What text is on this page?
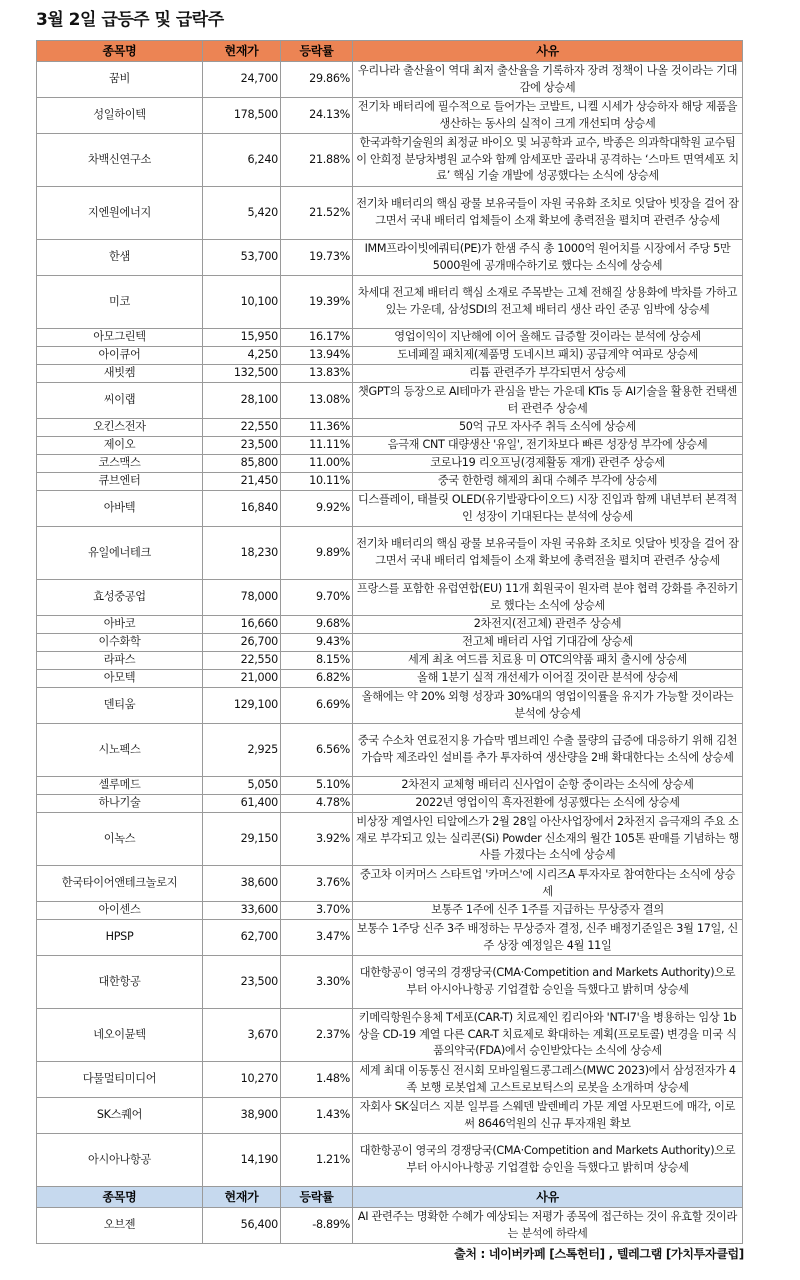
3월 2일 급등주 및 급락주
종목명	현재가	등락률	사유
꿈비	24,700	29.86%	우리나라 출산율이 역대 최저 출산율을 기록하자 장려 정책이 나올 것이라는 기대감에 상승세
성일하이텍	178,500	24.13%	전기차 배터리에 필수적으로 들어가는 코발트, 니켈 시세가 상승하자 해당 제품을 생산하는 동사의 실적이 크게 개선되며 상승세
차백신연구소	6,240	21.88%	한국과학기술원의 최정균 바이오 및 뇌공학과 교수, 박종은 의과학대학원 교수팀이 안희정 분당차병원 교수와 함께 암세포만 골라내 공격하는 ‘스마트 면역세포 치료’ 핵심 기술 개발에 성공했다는 소식에 상승세
지엔원에너지	5,420	21.52%	전기차 배터리의 핵심 광물 보유국들이 자원 국유화 조치로 잇달아 빗장을 걸어 잠그면서 국내 배터리 업체들이 소재 확보에 총력전을 펼치며 관련주 상승세
한샘	53,700	19.73%	IMM프라이빗에쿼티(PE)가 한샘 주식 총 1000억 원어치를 시장에서 주당 5만 5000원에 공개매수하기로 했다는 소식에 상승세
미코	10,100	19.39%	차세대 전고체 배터리 핵심 소재로 주목받는 고체 전해질 상용화에 박차를 가하고 있는 가운데, 삼성SDI의 전고체 배터리 생산 라인 준공 임박에 상승세
아모그린텍	15,950	16.17%	영업이익이 지난해에 이어 올해도 급증할 것이라는 분석에 상승세
아이큐어	4,250	13.94%	도네페질 패치제(제품명 도네시브 패치) 공급계약 여파로 상승세
새빗켐	132,500	13.83%	리튬 관련주가 부각되면서 상승세
씨이랩	28,100	13.08%	챗GPT의 등장으로 AI테마가 관심을 받는 가운데 KTis 등 AI기술을 활용한 컨택센터 관련주 상승세
오킨스전자	22,550	11.36%	50억 규모 자사주 취득 소식에 상승세
제이오	23,500	11.11%	음극재 CNT 대량생산 '유일', 전기차보다 빠른 성장성 부각에 상승세
코스맥스	85,800	11.00%	코로나19 리오프닝(경제활동 재개) 관련주 상승세
큐브엔터	21,450	10.11%	중국 한한령 해제의 최대 수혜주 부각에 상승세
아바텍	16,840	9.92%	디스플레이, 태블릿 OLED(유기발광다이오드) 시장 진입과 함께 내년부터 본격적인 성장이 기대된다는 분석에 상승세
유일에너테크	18,230	9.89%	전기차 배터리의 핵심 광물 보유국들이 자원 국유화 조치로 잇달아 빗장을 걸어 잠그면서 국내 배터리 업체들이 소재 확보에 총력전을 펼치며 관련주 상승세
효성중공업	78,000	9.70%	프랑스를 포함한 유럽연합(EU) 11개 회원국이 원자력 분야 협력 강화를 추진하기로 했다는 소식에 상승세
아바코	16,660	9.68%	2차전지(전고체) 관련주 상승세
이수화학	26,700	9.43%	전고체 배터리 사업 기대감에 상승세
라파스	22,550	8.15%	세계 최초 여드름 치료용 미 OTC의약품 패치 출시에 상승세
아모텍	21,000	6.82%	올해 1분기 실적 개선세가 이어질 것이란 분석에 상승세
덴티움	129,100	6.69%	올해에는 약 20% 외형 성장과 30%대의 영업이익률을 유지가 가능할 것이라는 분석에 상승세
시노펙스	2,925	6.56%	중국 수소차 연료전지용 가습막 멤브레인 수출 물량의 급증에 대응하기 위해 김천 가습막 제조라인 설비를 추가 투자하여 생산량을 2배 확대한다는 소식에 상승세
셀루메드	5,050	5.10%	2차전지 교체형 배터리 신사업이 순항 중이라는 소식에 상승세
하나기술	61,400	4.78%	2022년 영업이익 흑자전환에 성공했다는 소식에 상승세
이녹스	29,150	3.92%	비상장 계열사인 티알에스가 2월 28일 아산사업장에서 2차전지 음극재의 주요 소재로 부각되고 있는 실리콘(Si) Powder 신소재의 월간 105톤 판매를 기념하는 행사를 가졌다는 소식에 상승세
한국타이어앤테크놀로지	38,600	3.76%	중고차 이커머스 스타트업 '카머스'에 시리즈A 투자자로 참여한다는 소식에 상승세
아이센스	33,600	3.70%	보통주 1주에 신주 1주를 지급하는 무상증자 결의
HPSP	62,700	3.47%	보통수 1주당 신주 3주 배정하는 무상증자 결정, 신주 배정기준일은 3월 17일, 신주 상장 예정일은 4월 11일
대한항공	23,500	3.30%	대한항공이 영국의 경쟁당국(CMA·Competition and Markets Authority)으로부터 아시아나항공 기업결합 승인을 득했다고 밝히며 상승세
네오이뮨텍	3,670	2.37%	키메릭항원수용체 T세포(CAR-T) 치료제인 킴리아와 'NT-I7'을 병용하는 임상 1b상을 CD-19 계열 다른 CAR-T 치료제로 확대하는 계획(프로토콜) 변경을 미국 식품의약국(FDA)에서 승인받았다는 소식에 상승세
다물멀티미디어	10,270	1.48%	세계 최대 이동통신 전시회 모바일월드콩그레스(MWC 2023)에서 삼성전자가 4족 보행 로봇업체 고스트로보틱스의 로봇을 소개하며 상승세
SK스퀘어	38,900	1.43%	자회사 SK실더스 지분 일부를 스웨덴 발렌베리 가문 계열 사모펀드에 매각, 이로써 8646억원의 신규 투자재원 확보
아시아나항공	14,190	1.21%	대한항공이 영국의 경쟁당국(CMA·Competition and Markets Authority)으로부터 아시아나항공 기업결합 승인을 득했다고 밝히며 상승세
종목명	현재가	등락률	사유
오브젠	56,400	-8.89%	AI 관련주는 명확한 수혜가 예상되는 저평가 종목에 접근하는 것이 유효할 것이라는 분석에 하락세
출처 : 네이버카페 [스톡헌터] , 텔레그램 [가치투자클럽]
